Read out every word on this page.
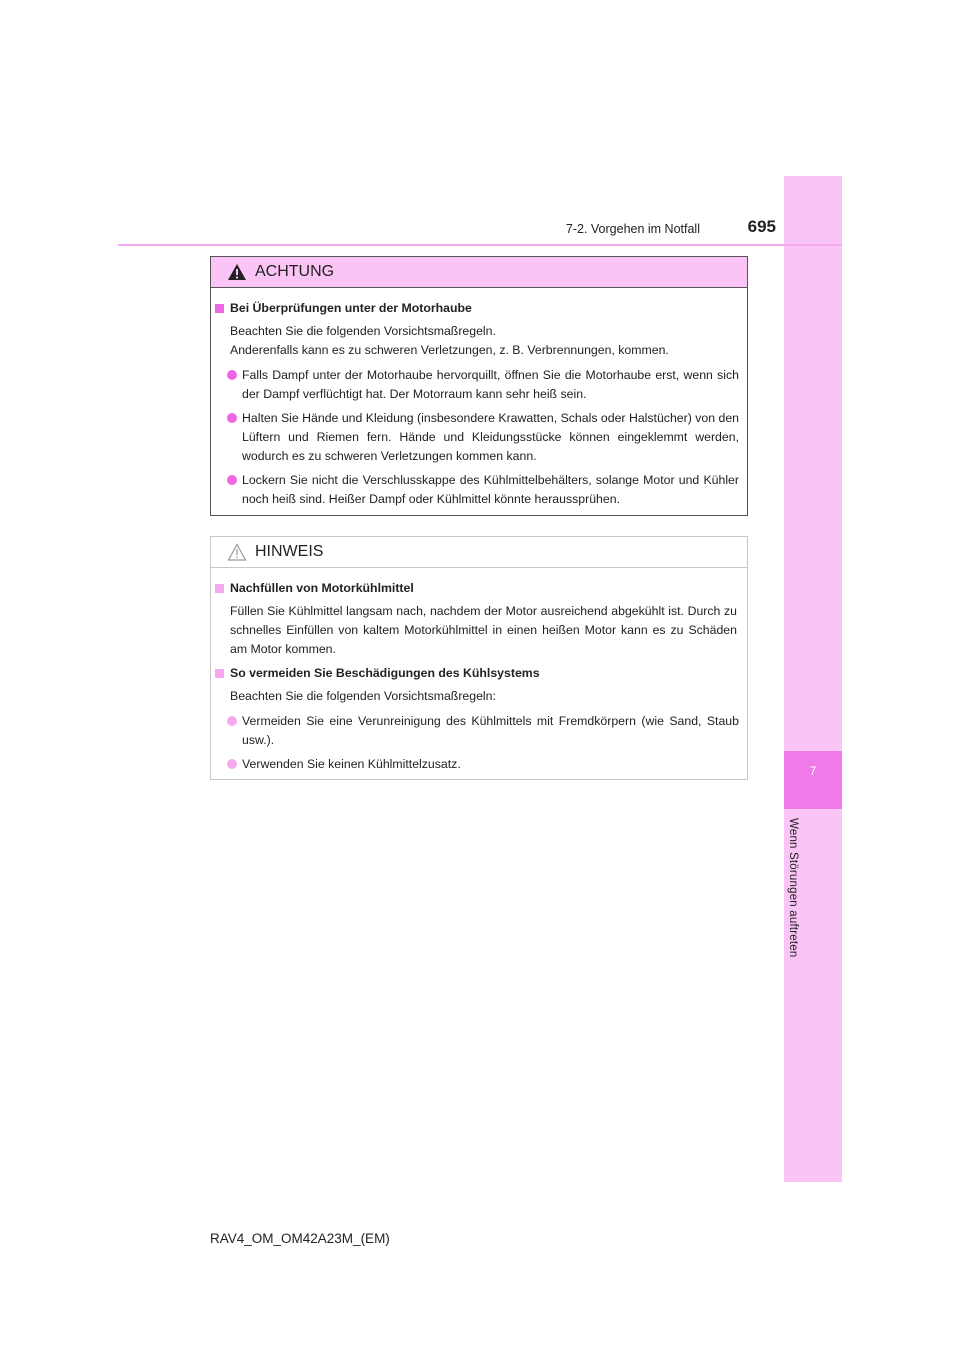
7
Wenn Störungen auftreten
7-2. Vorgehen im Notfall	695
ACHTUNG
Bei Überprüfungen unter der Motorhaube
Beachten Sie die folgenden Vorsichtsmaßregeln.
Anderenfalls kann es zu schweren Verletzungen, z. B. Verbrennungen, kommen.
Falls Dampf unter der Motorhaube hervorquillt, öffnen Sie die Motorhaube erst, wenn sich der Dampf verflüchtigt hat. Der Motorraum kann sehr heiß sein.
Halten Sie Hände und Kleidung (insbesondere Krawatten, Schals oder Halstücher) von den Lüftern und Riemen fern. Hände und Kleidungsstücke können eingeklemmt werden, wodurch es zu schweren Verletzungen kommen kann.
Lockern Sie nicht die Verschlusskappe des Kühlmittelbehälters, solange Motor und Kühler noch heiß sind. Heißer Dampf oder Kühlmittel könnte heraussprühen.
HINWEIS
Nachfüllen von Motorkühlmittel
Füllen Sie Kühlmittel langsam nach, nachdem der Motor ausreichend abgekühlt ist. Durch zu schnelles Einfüllen von kaltem Motorkühlmittel in einen heißen Motor kann es zu Schäden am Motor kommen.
So vermeiden Sie Beschädigungen des Kühlsystems
Beachten Sie die folgenden Vorsichtsmaßregeln:
Vermeiden Sie eine Verunreinigung des Kühlmittels mit Fremdkörpern (wie Sand, Staub usw.).
Verwenden Sie keinen Kühlmittelzusatz.
RAV4_OM_OM42A23M_(EM)
